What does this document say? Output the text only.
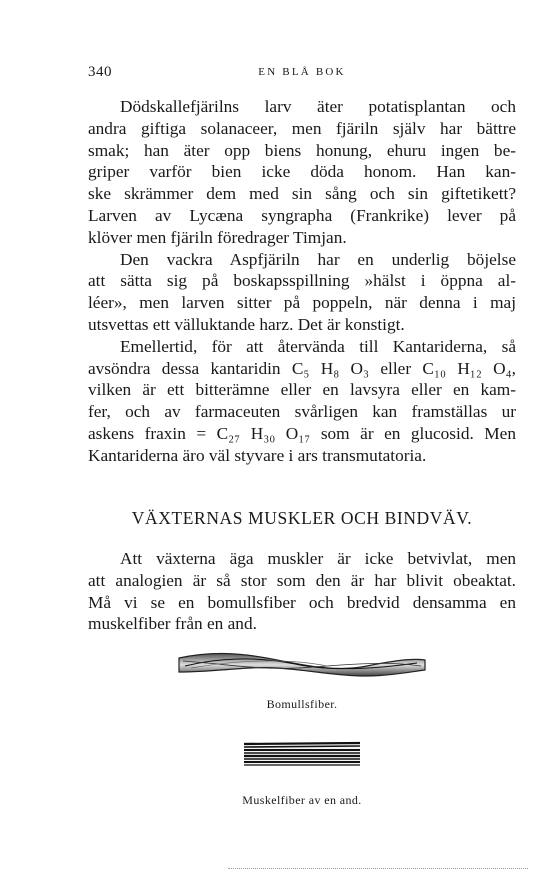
340	EN BLÅ BOK
Dödskallefjärilns larv äter potatisplantan och
andra giftiga solanaceer, men fjäriln själv har bättre
smak; han äter opp biens honung, ehuru ingen be-
griper varför bien icke döda honom. Han kan-
ske skrämmer dem med sin sång och sin giftetikett?
Larven av Lycæna syngrapha (Frankrike) lever på
klöver men fjäriln föredrager Timjan.
Den vackra Aspfjäriln har en underlig böjelse
att sätta sig på boskapsspillning »hälst i öppna al-
léer», men larven sitter på poppeln, när denna i maj
utsvettas ett välluktande harz. Det är konstigt.
Emellertid, för att återvända till Kantariderna, så
avsöndra dessa kantaridin C₅ H₈ O₃ eller C₁₀ H₁₂ O₄,
vilken är ett bitterämne eller en lavsyra eller en kam-
fer, och av farmaceuten svårligen kan framställas ur
askens fraxin = C₂₇ H₃₀ O₁₇ som är en glucosid. Men
Kantariderna äro väl styvare i ars transmutatoria.
VÄXTERNAS MUSKLER OCH BINDVÄV.
Att växterna äga muskler är icke betvivlat, men
att analogien är så stor som den är har blivit obeaktat.
Må vi se en bomullsfiber och bredvid densamma en
muskelfiber från en and.
Bomullsfiber.
Muskelfiber av en and.
